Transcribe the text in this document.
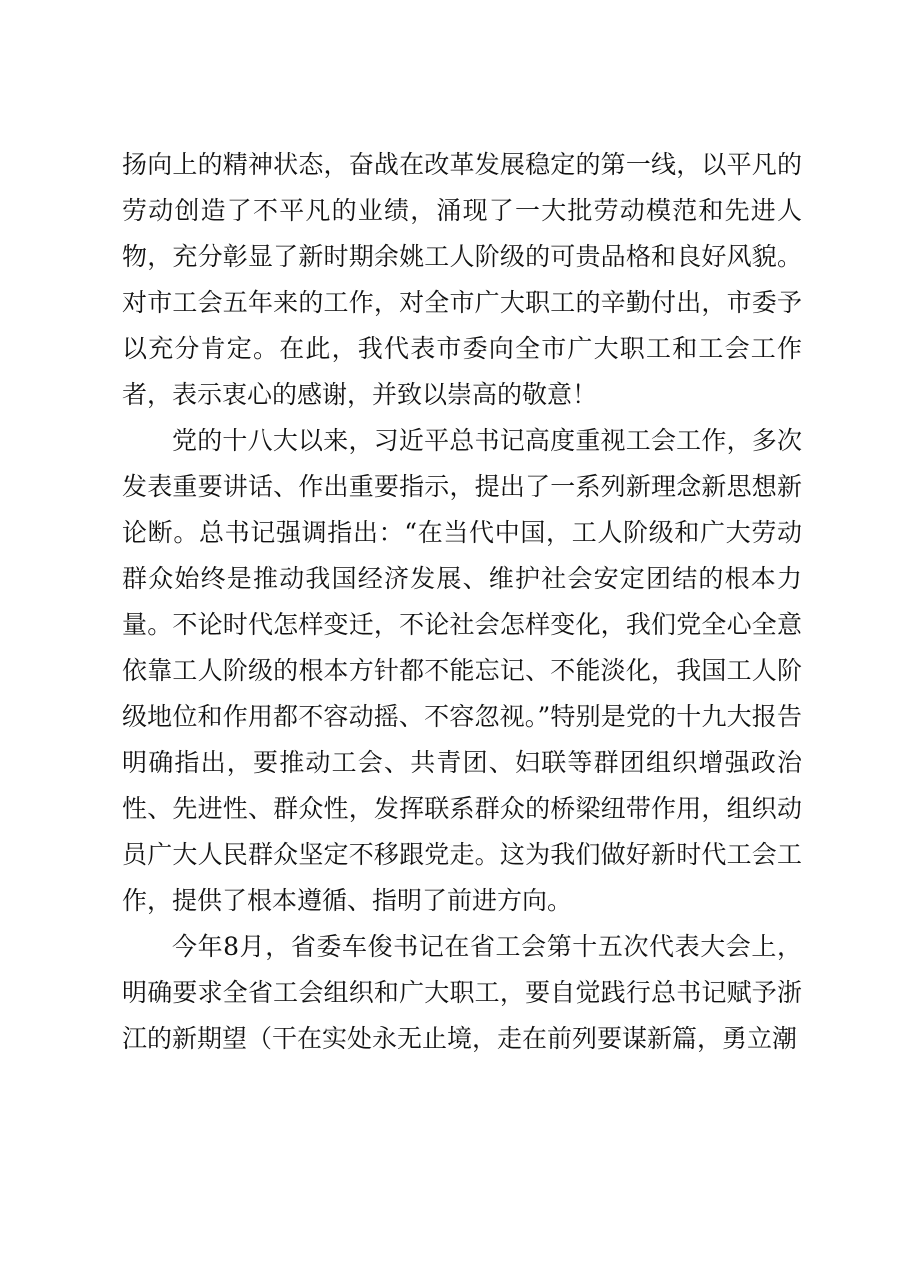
扬向上的精神状态，奋战在改革发展稳定的第一线，以平凡的劳动创造了不平凡的业绩，涌现了一大批劳动模范和先进人物，充分彰显了新时期余姚工人阶级的可贵品格和良好风貌。对市工会五年来的工作，对全市广大职工的辛勤付出，市委予以充分肯定。在此，我代表市委向全市广大职工和工会工作者，表示衷心的感谢，并致以崇高的敬意！

党的十八大以来，习近平总书记高度重视工会工作，多次发表重要讲话、作出重要指示，提出了一系列新理念新思想新论断。总书记强调指出：“在当代中国，工人阶级和广大劳动群众始终是推动我国经济发展、维护社会安定团结的根本力量。不论时代怎样变迁，不论社会怎样变化，我们党全心全意依靠工人阶级的根本方针都不能忘记、不能淡化，我国工人阶级地位和作用都不容动摇、不容忽视。”特别是党的十九大报告明确指出，要推动工会、共青团、妇联等群团组织增强政治性、先进性、群众性，发挥联系群众的桥梁纽带作用，组织动员广大人民群众坚定不移跟党走。这为我们做好新时代工会工作，提供了根本遵循、指明了前进方向。

今年8月，省委车俊书记在省工会第十五次代表大会上，明确要求全省工会组织和广大职工，要自觉践行总书记赋予浙江的新期望（干在实处永无止境，走在前列要谋新篇，勇立潮
